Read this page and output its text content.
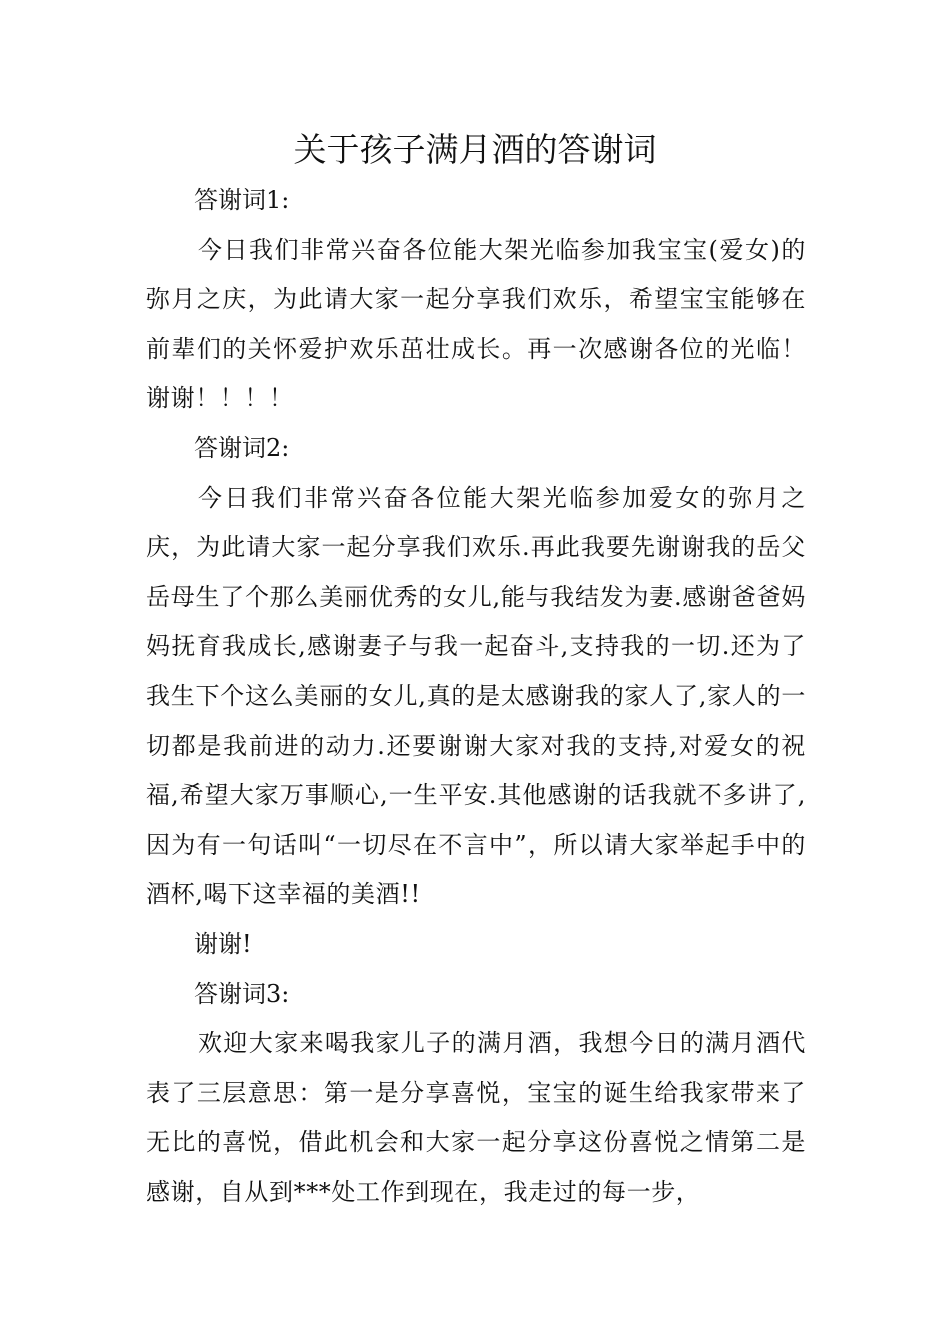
关于孩子满月酒的答谢词

答谢词1:

今日我们非常兴奋各位能大架光临参加我宝宝(爱女)的弥月之庆，为此请大家一起分享我们欢乐，希望宝宝能够在前辈们的关怀爱护欢乐茁壮成长。再一次感谢各位的光临！谢谢！！！！

答谢词2:

今日我们非常兴奋各位能大架光临参加爱女的弥月之庆，为此请大家一起分享我们欢乐.再此我要先谢谢我的岳父岳母生了个那么美丽优秀的女儿,能与我结发为妻.感谢爸爸妈妈抚育我成长,感谢妻子与我一起奋斗,支持我的一切.还为了我生下个这么美丽的女儿,真的是太感谢我的家人了,家人的一切都是我前进的动力.还要谢谢大家对我的支持,对爱女的祝福,希望大家万事顺心,一生平安.其他感谢的话我就不多讲了,因为有一句话叫“一切尽在不言中”，所以请大家举起手中的酒杯,喝下这幸福的美酒!!

谢谢!

答谢词3:

欢迎大家来喝我家儿子的满月酒，我想今日的满月酒代表了三层意思：第一是分享喜悦，宝宝的诞生给我家带来了无比的喜悦，借此机会和大家一起分享这份喜悦之情第二是感谢，自从到***处工作到现在，我走过的每一步，
